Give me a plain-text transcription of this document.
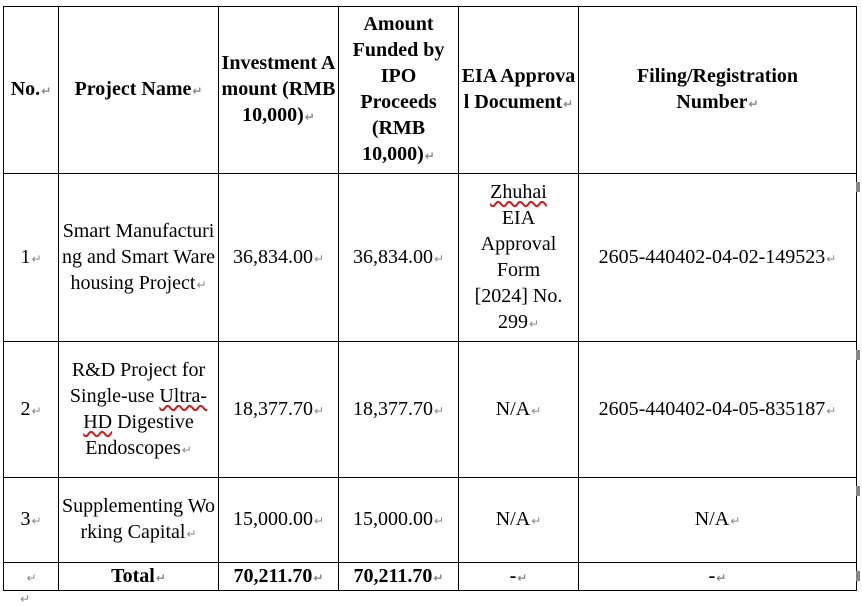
No.↵	Project Name↵	Investment Amount (RMB 10,000)↵	Amount Funded by IPO Proceeds (RMB 10,000)↵	EIA Approval Document↵	Filing/Registration Number↵
1↵	Smart Manufacturing and Smart Warehousing Project↵	36,834.00↵	36,834.00↵	Zhuhai EIA Approval Form [2024] No. 299↵	2605-440402-04-02-149523↵
2↵	R&D Project for Single-use Ultra-HD Digestive Endoscopes↵	18,377.70↵	18,377.70↵	N/A↵	2605-440402-04-05-835187↵
3↵	Supplementing Working Capital↵	15,000.00↵	15,000.00↵	N/A↵	N/A↵
↵	Total↵	70,211.70↵	70,211.70↵	-↵	-↵
↵
